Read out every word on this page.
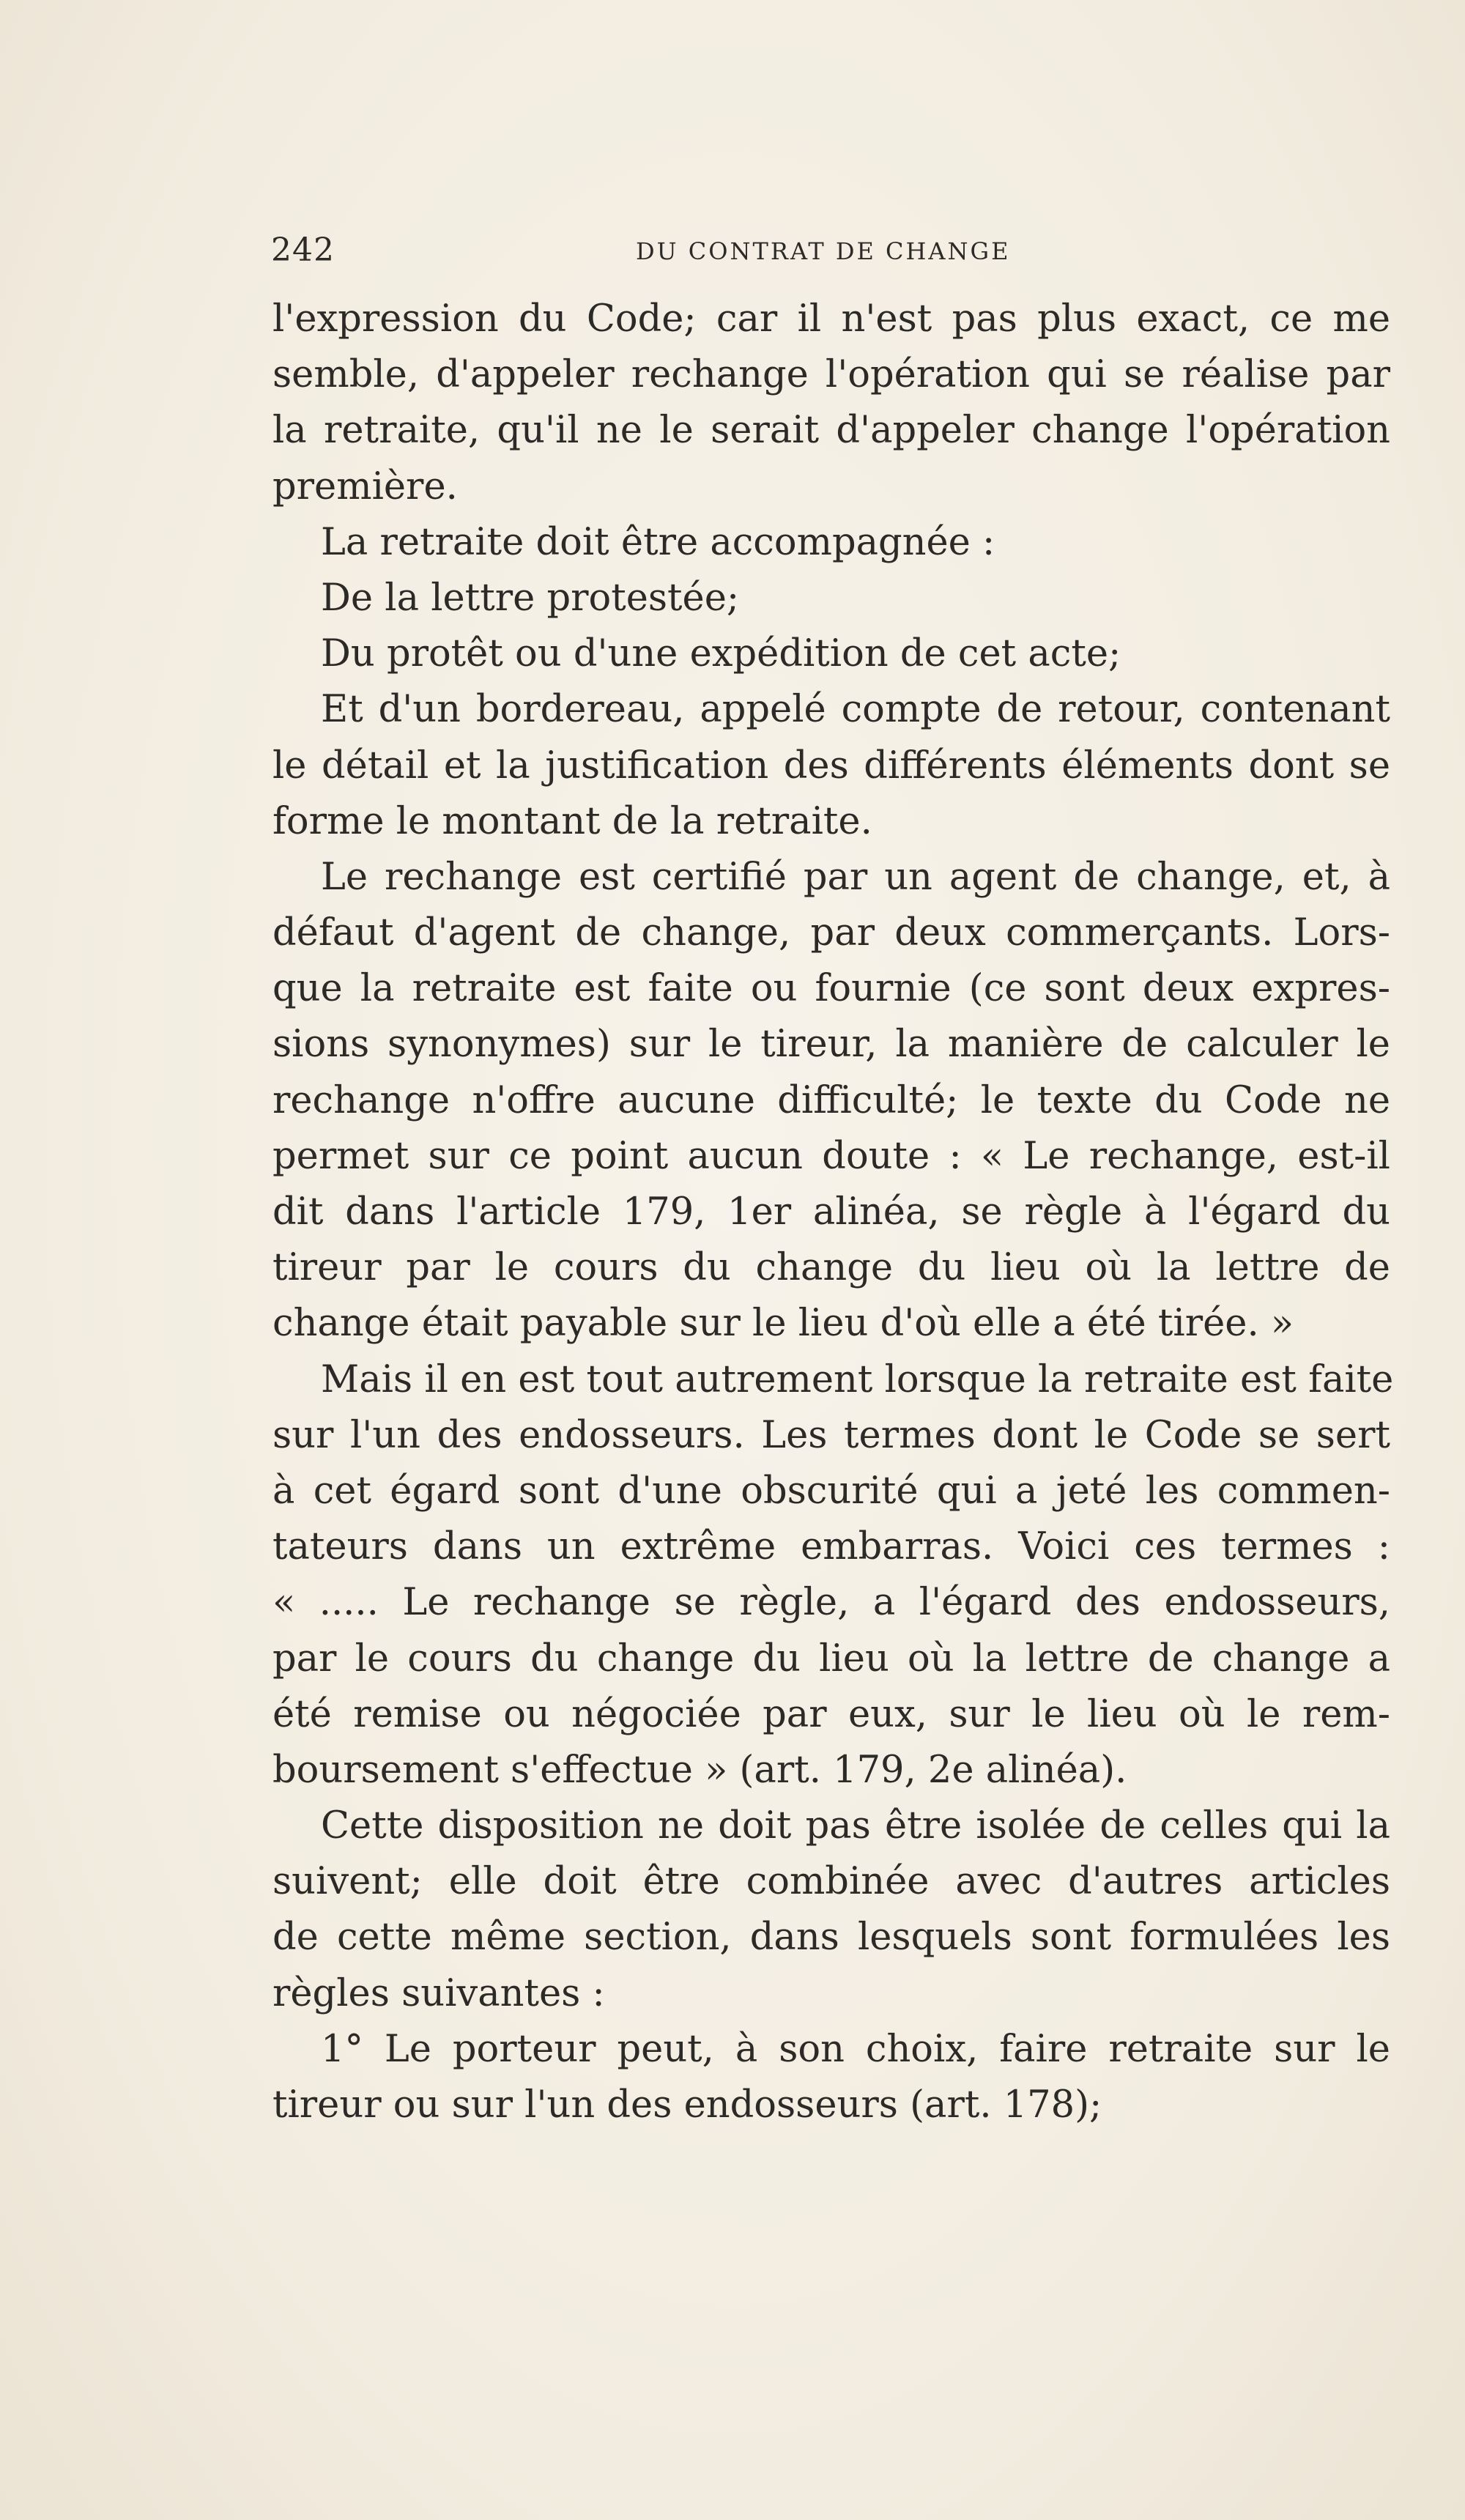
242	DU CONTRAT DE CHANGE
l'expression du Code; car il n'est pas plus exact, ce me
semble, d'appeler rechange l'opération qui se réalise par
la retraite, qu'il ne le serait d'appeler change l'opération
première.
La retraite doit être accompagnée :
De la lettre protestée;
Du protêt ou d'une expédition de cet acte;
Et d'un bordereau, appelé compte de retour, contenant
le détail et la justification des différents éléments dont se
forme le montant de la retraite.
Le rechange est certifié par un agent de change, et, à
défaut d'agent de change, par deux commerçants. Lors-
que la retraite est faite ou fournie (ce sont deux expres-
sions synonymes) sur le tireur, la manière de calculer le
rechange n'offre aucune difficulté; le texte du Code ne
permet sur ce point aucun doute : « Le rechange, est-il
dit dans l'article 179, 1er alinéa, se règle à l'égard du
tireur par le cours du change du lieu où la lettre de
change était payable sur le lieu d'où elle a été tirée. »
Mais il en est tout autrement lorsque la retraite est faite
sur l'un des endosseurs. Les termes dont le Code se sert
à cet égard sont d'une obscurité qui a jeté les commen-
tateurs dans un extrême embarras. Voici ces termes :
« ..... Le rechange se règle, a l'égard des endosseurs,
par le cours du change du lieu où la lettre de change a
été remise ou négociée par eux, sur le lieu où le rem-
boursement s'effectue » (art. 179, 2e alinéa).
Cette disposition ne doit pas être isolée de celles qui la
suivent; elle doit être combinée avec d'autres articles
de cette même section, dans lesquels sont formulées les
règles suivantes :
1° Le porteur peut, à son choix, faire retraite sur le
tireur ou sur l'un des endosseurs (art. 178);
